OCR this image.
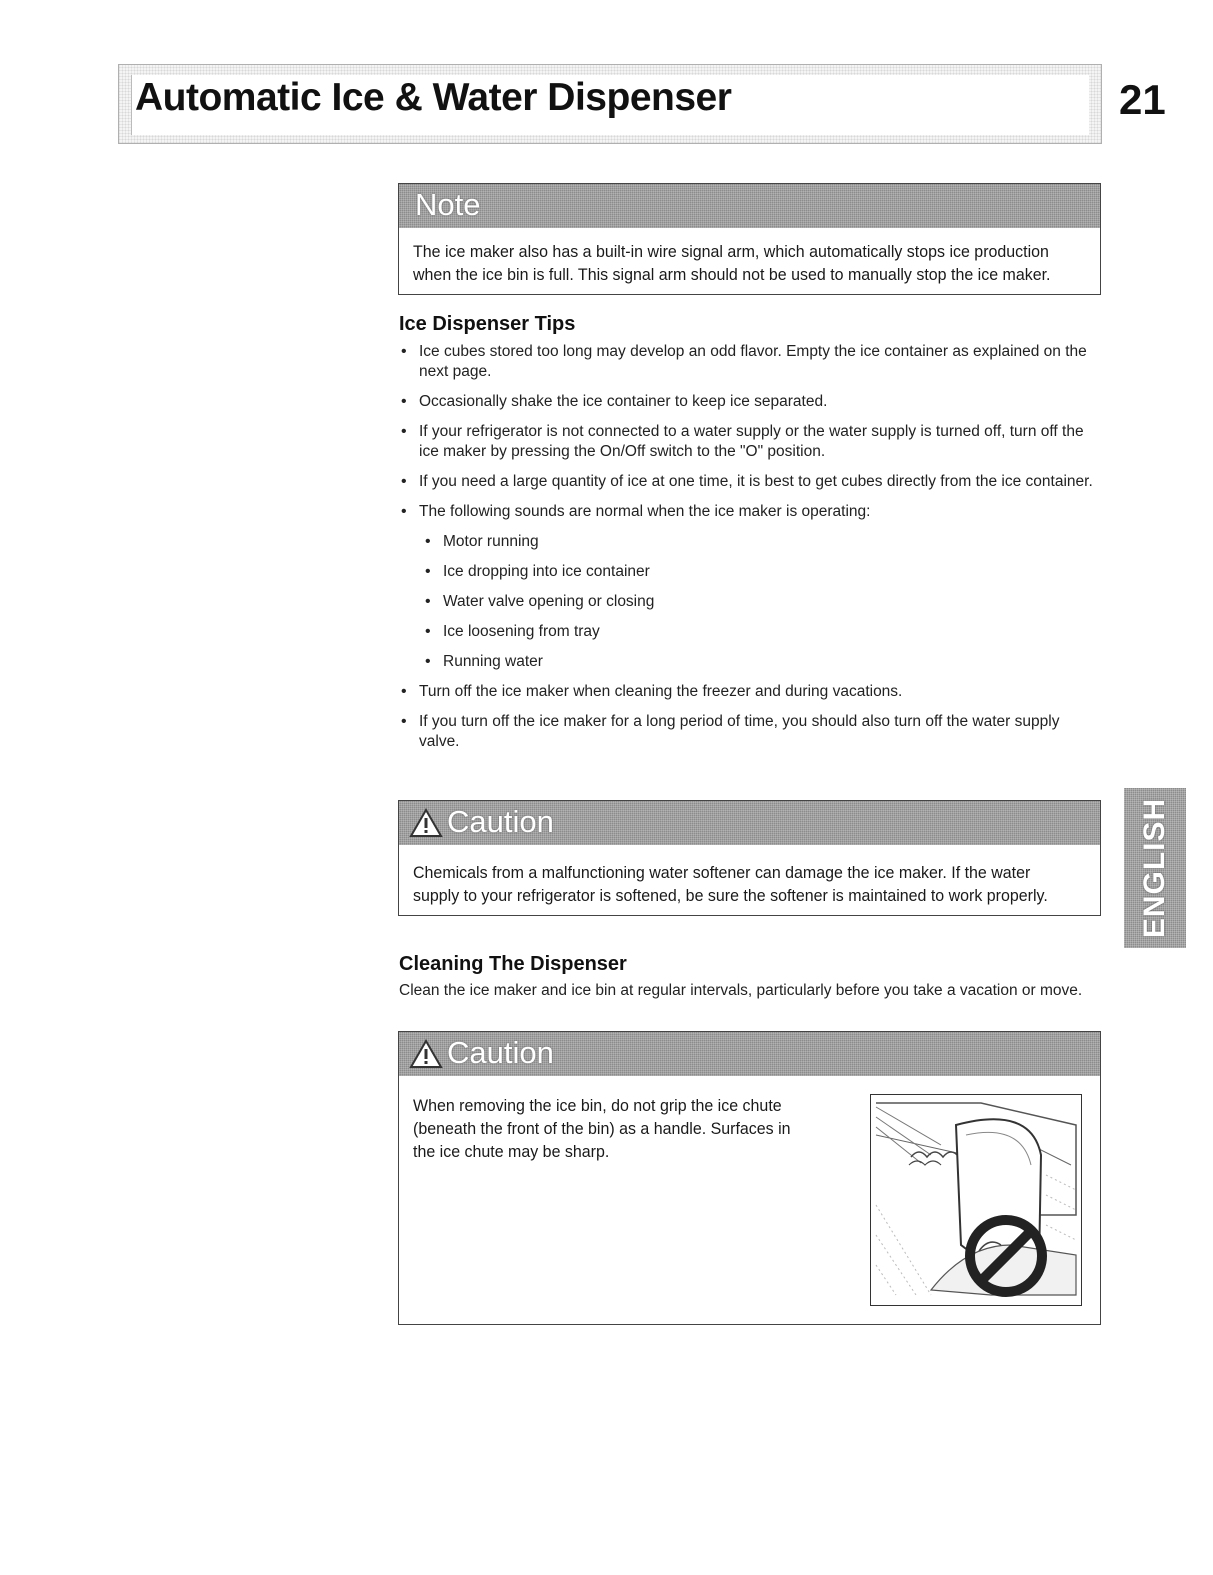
Automatic Ice & Water Dispenser	21
Note
The ice maker also has a built-in wire signal arm, which automatically stops ice production when the ice bin is full. This signal arm should not be used to manually stop the ice maker.
Ice Dispenser Tips
• Ice cubes stored too long may develop an odd flavor. Empty the ice container as explained on the next page.
• Occasionally shake the ice container to keep ice separated.
• If your refrigerator is not connected to a water supply or the water supply is turned off, turn off the ice maker by pressing the On/Off switch to the "O" position.
• If you need a large quantity of ice at one time, it is best to get cubes directly from the ice container.
• The following sounds are normal when the ice maker is operating:
• Motor running
• Ice dropping into ice container
• Water valve opening or closing
• Ice loosening from tray
• Running water
• Turn off the ice maker when cleaning the freezer and during vacations.
• If you turn off the ice maker for a long period of time, you should also turn off the water supply valve.
Caution
Chemicals from a malfunctioning water softener can damage the ice maker. If the water supply to your refrigerator is softened, be sure the softener is maintained to work properly.	ENGLISH
Cleaning The Dispenser

Clean the ice maker and ice bin at regular intervals, particularly before you take a vacation or move.

Caution
When removing the ice bin, do not grip the ice chute (beneath the front of the bin) as a handle. Surfaces in the ice chute may be sharp.
